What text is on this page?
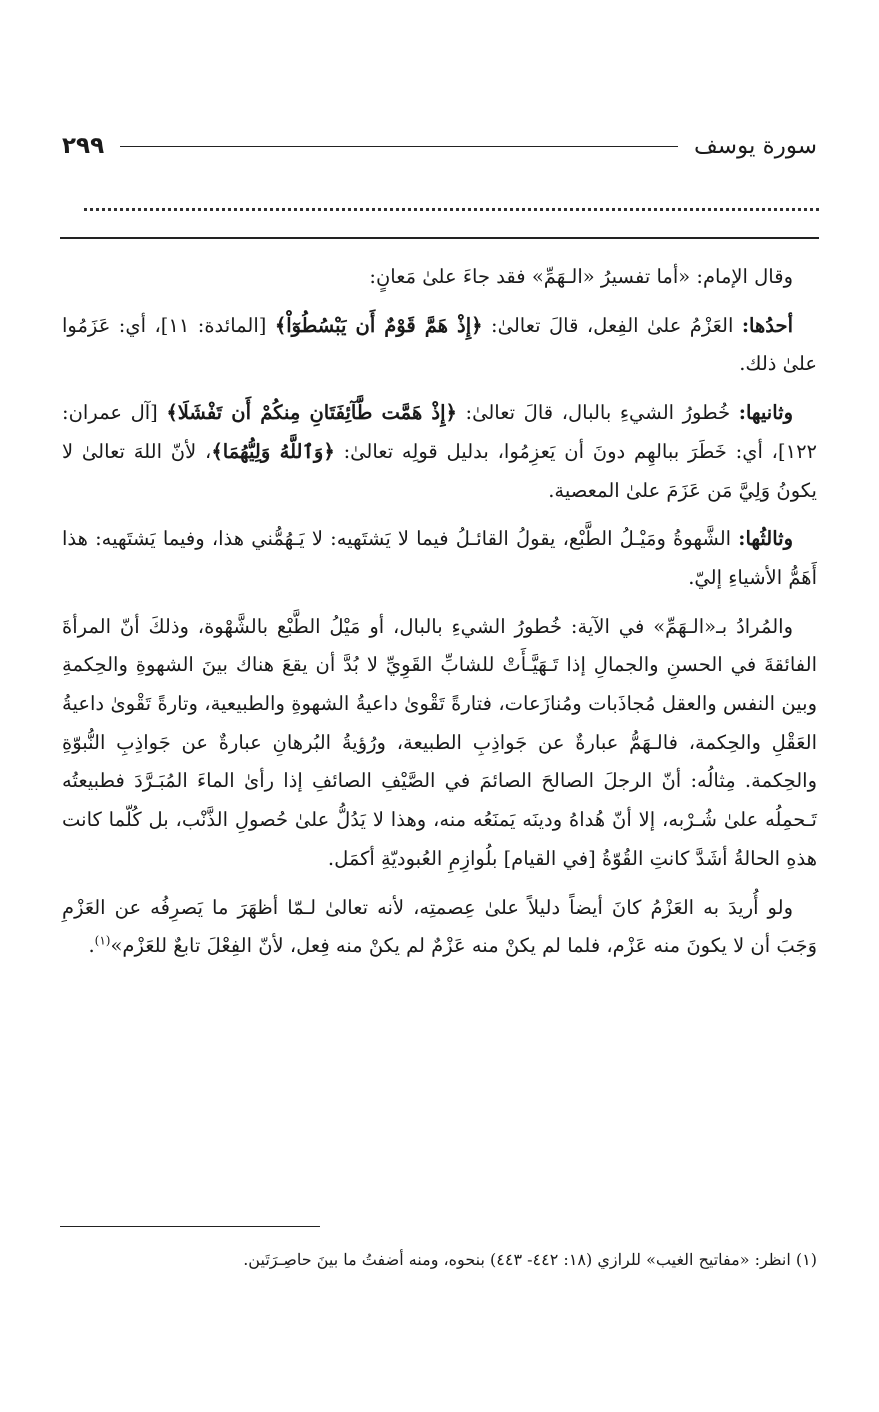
سورة يوسف
٢٩٩

وقال الإمام: «أما تفسيرُ «الـهَمِّ» فقد جاءَ علىٰ مَعانٍ:

أحدُها: العَزْمُ علىٰ الفِعل، قالَ تعالىٰ: ﴿إِذْ هَمَّ قَوْمٌ أَن يَبْسُطُوٓاْ﴾ [المائدة: ١١]، أي: عَزَمُوا علىٰ ذلك.

وثانيها: خُطورُ الشيءِ بالبال، قالَ تعالىٰ: ﴿إِذْ هَمَّت طَّآئِفَتَانِ مِنكُمْ أَن تَفْشَلَا﴾ [آل عمران: ١٢٢]، أي: خَطَرَ ببالهِم دونَ أن يَعزِمُوا، بدليل قولِه تعالىٰ: ﴿وَٱللَّهُ وَلِيُّهُمَا﴾، لأنّ اللهَ تعالىٰ لا يكونُ وَلِيَّ مَن عَزَمَ علىٰ المعصية.

وثالثُها: الشَّهوةُ ومَيْـلُ الطَّبْع، يقولُ القائـلُ فيما لا يَشتَهيه: لا يَـهُمُّني هذا، وفيما يَشتَهيه: هذا أَهَمُّ الأشياءِ إليّ.

والمُرادُ بـ«الـهَمِّ» في الآية: خُطورُ الشيءِ بالبال، أو مَيْلُ الطَّبْع بالشَّهْوة، وذلكَ أنّ المرأةَ الفائقةَ في الحسنِ والجمالِ إذا تَـهَيَّـأَتْ للشابِّ القَوِيِّ لا بُدَّ أن يقعَ هناك بينَ الشهوةِ والحِكمةِ وبين النفس والعقل مُجاذَبات ومُنازَعات، فتارةً تَقْوىٰ داعيةُ الشهوةِ والطبيعية، وتارةً تَقْوىٰ داعيةُ العَقْلِ والحِكمة، فالـهَمُّ عبارةٌ عن جَواذِبِ الطبيعة، ورُؤيةُ البُرهانِ عبارةٌ عن جَواذِبِ النُّبوّةِ والحِكمة. مِثالُه: أنّ الرجلَ الصالحَ الصائمَ في الصَّيْفِ الصائفِ إذا رأىٰ الماءَ المُبَـرَّدَ فطبيعتُه تَـحمِلُه علىٰ شُـرْبه، إلا أنّ هُداهُ ودينَه يَمنَعُه منه، وهذا لا يَدُلُّ علىٰ حُصولِ الذَّنْب، بل كُلّما كانت هذهِ الحالةُ أشَدَّ كانتِ القُوّةُ [في القيام] بلُوازِمِ العُبوديّةِ أكمَل.

ولو أُريدَ به العَزْمُ كانَ أيضاً دليلاً علىٰ عِصمتِه، لأنه تعالىٰ لـمّا أظهَرَ ما يَصرِفُه عن العَزْمِ وَجَبَ أن لا يكونَ منه عَزْم، فلما لم يكنْ منه عَزْمٌ لم يكنْ منه فِعل، لأنّ الفِعْلَ تابعٌ للعَزْم»$^{(١)}$.

(١) انظر: «مفاتيح الغيب» للرازي (١٨: ٤٤٢- ٤٤٣) بنحوه، ومنه أضفتُ ما بينَ حاصِـرَتَين.
